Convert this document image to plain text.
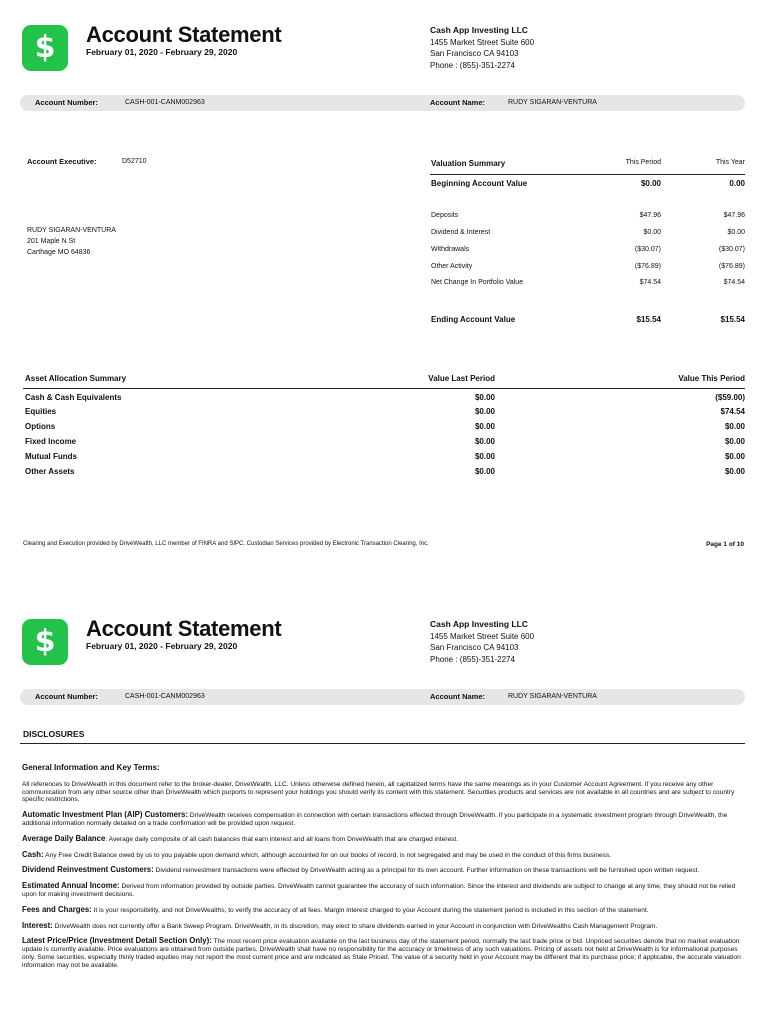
$ Account Statement
February 01, 2020 - February 29, 2020
Cash App Investing LLC
1455 Market Street Suite 600
San Francisco CA 94103
Phone : (855)-351-2274
Account Number:	CASH-001-CANM002963	Account Name:	RUDY SIGARAN-VENTURA
Account Executive:	D52710
RUDY SIGARAN-VENTURA
201 Maple N St
Carthage MO 64836
Valuation Summary	This Period	This Year
Beginning Account Value	$0.00	0.00
Deposits	$47.96	$47.96
Dividend & Interest	$0.00	$0.00
Withdrawals	($30.07)	($30.07)
Other Activity	($76.89)	($76.89)
Net Change In Portfolio Value	$74.54	$74.54
Ending Account Value	$15.54	$15.54
Asset Allocation Summary	Value Last Period	Value This Period
Cash & Cash Equivalents	$0.00	($59.00)
Equities	$0.00	$74.54
Options	$0.00	$0.00
Fixed Income	$0.00	$0.00
Mutual Funds	$0.00	$0.00
Other Assets	$0.00	$0.00
Clearing and Execution provided by DriveWealth, LLC member of FINRA and SIPC. Custodian Services provided by Electronic Transaction Clearing, Inc.	Page 1 of 10
$ Account Statement
February 01, 2020 - February 29, 2020
Cash App Investing LLC
1455 Market Street Suite 600
San Francisco CA 94103
Phone : (855)-351-2274
Account Number:	CASH-001-CANM002963	Account Name:	RUDY SIGARAN-VENTURA
DISCLOSURES
General Information and Key Terms:

All references to DriveWealth in this document refer to the broker-dealer, DriveWealth, LLC. Unless otherwise defined herein, all capitalized terms have the same meanings as in your Customer Account Agreement. If you receive any other communication from any other source other than DriveWealth which purports to represent your holdings you should verify its content with this statement. Securities products and services are not available in all countries and are subject to country specific restrictions.

Automatic Investment Plan (AIP) Customers: DriveWealth receives compensation in connection with certain transactions effected through DriveWealth. If you participate in a systematic investment program through DriveWealth, the additional information normally detailed on a trade confirmation will be provided upon request.

Average Daily Balance: Average daily composite of all cash balances that earn interest and all loans from DriveWealth that are charged interest.

Cash: Any Free Credit Balance owed by us to you payable upon demand which, although accounted for on our books of record, is not segregated and may be used in the conduct of this firms business.

Dividend Reinvestment Customers: Dividend reinvestment transactions were effected by DriveWealth acting as a principal for its own account. Further information on these transactions will be furnished upon written request.

Estimated Annual Income: Derived from information provided by outside parties. DriveWealth cannot guarantee the accuracy of such information. Since the interest and dividends are subject to change at any time, they should not be relied upon for making investment decisions.

Fees and Charges: It is your responsibility, and not DriveWealths, to verify the accuracy of all fees. Margin interest charged to your Account during the statement period is included in this section of the statement.

Interest: DriveWealth does not currently offer a Bank Sweep Program. DriveWealth, in its discretion, may elect to share dividends earned in your Account in conjunction with DriveWealths Cash Management Program.

Latest Price/Price (Investment Detail Section Only): The most recent price evaluation available on the last business day of the statement period, normally the last trade price or bid. Unpriced securities denote that no market evaluation update is currently available. Price evaluations are obtained from outside parties. DriveWealth shall have no responsibility for the accuracy or timeliness of any such valuations. Pricing of assets not held at DriveWealth is for informational purposes only. Some securities, especially thinly traded equities may not report the most current price and are indicated as Stale Priced. The value of a security held in your Account may be different that its purchase price; if applicable, the accurate valuation information may not be available.
